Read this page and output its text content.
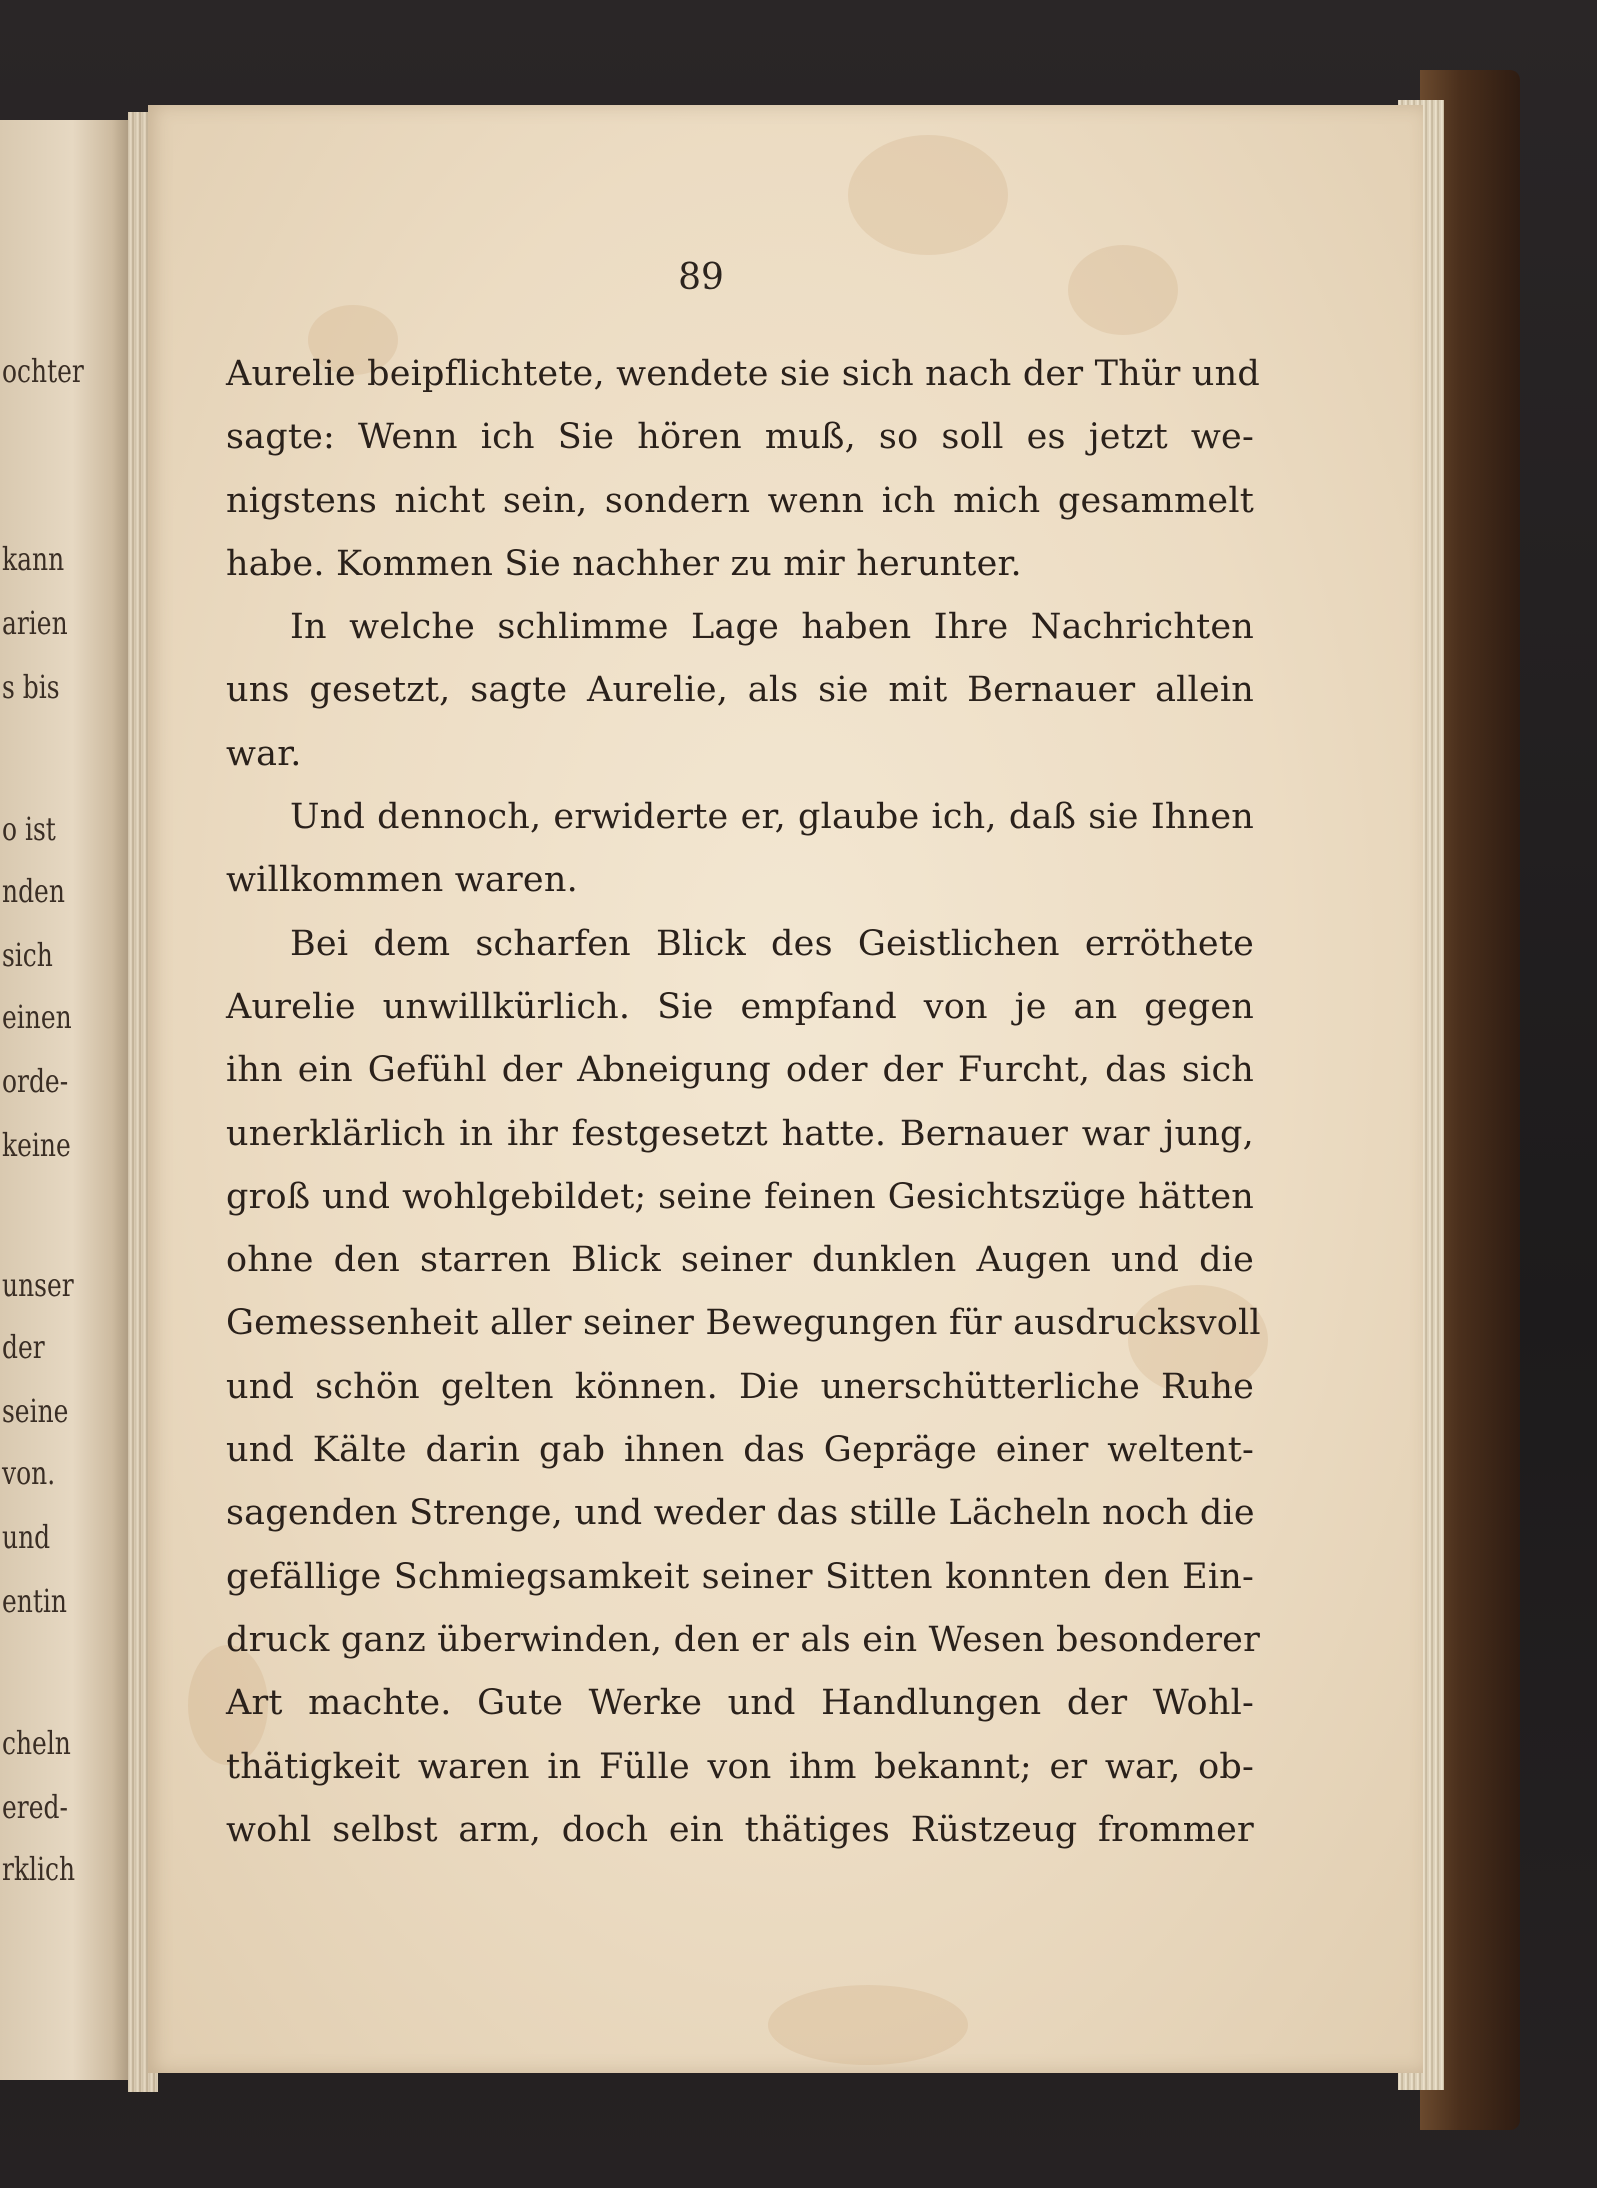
ochter
kann
arien
s bis
o ist
nden
sich
einen
orde-
keine
unser
der
seine
von.
und
entin
cheln
ered-
rklich
89
Aurelie beipflichtete, wendete sie sich nach der Thür und
sagte: Wenn ich Sie hören muß, so soll es jetzt we-
nigstens nicht sein, sondern wenn ich mich gesammelt
habe. Kommen Sie nachher zu mir herunter.
In welche schlimme Lage haben Ihre Nachrichten
uns gesetzt, sagte Aurelie, als sie mit Bernauer allein
war.
Und dennoch, erwiderte er, glaube ich, daß sie Ihnen
willkommen waren.
Bei dem scharfen Blick des Geistlichen erröthete
Aurelie unwillkürlich. Sie empfand von je an gegen
ihn ein Gefühl der Abneigung oder der Furcht, das sich
unerklärlich in ihr festgesetzt hatte. Bernauer war jung,
groß und wohlgebildet; seine feinen Gesichtszüge hätten
ohne den starren Blick seiner dunklen Augen und die
Gemessenheit aller seiner Bewegungen für ausdrucksvoll
und schön gelten können. Die unerschütterliche Ruhe
und Kälte darin gab ihnen das Gepräge einer weltent-
sagenden Strenge, und weder das stille Lächeln noch die
gefällige Schmiegsamkeit seiner Sitten konnten den Ein-
druck ganz überwinden, den er als ein Wesen besonderer
Art machte. Gute Werke und Handlungen der Wohl-
thätigkeit waren in Fülle von ihm bekannt; er war, ob-
wohl selbst arm, doch ein thätiges Rüstzeug frommer
